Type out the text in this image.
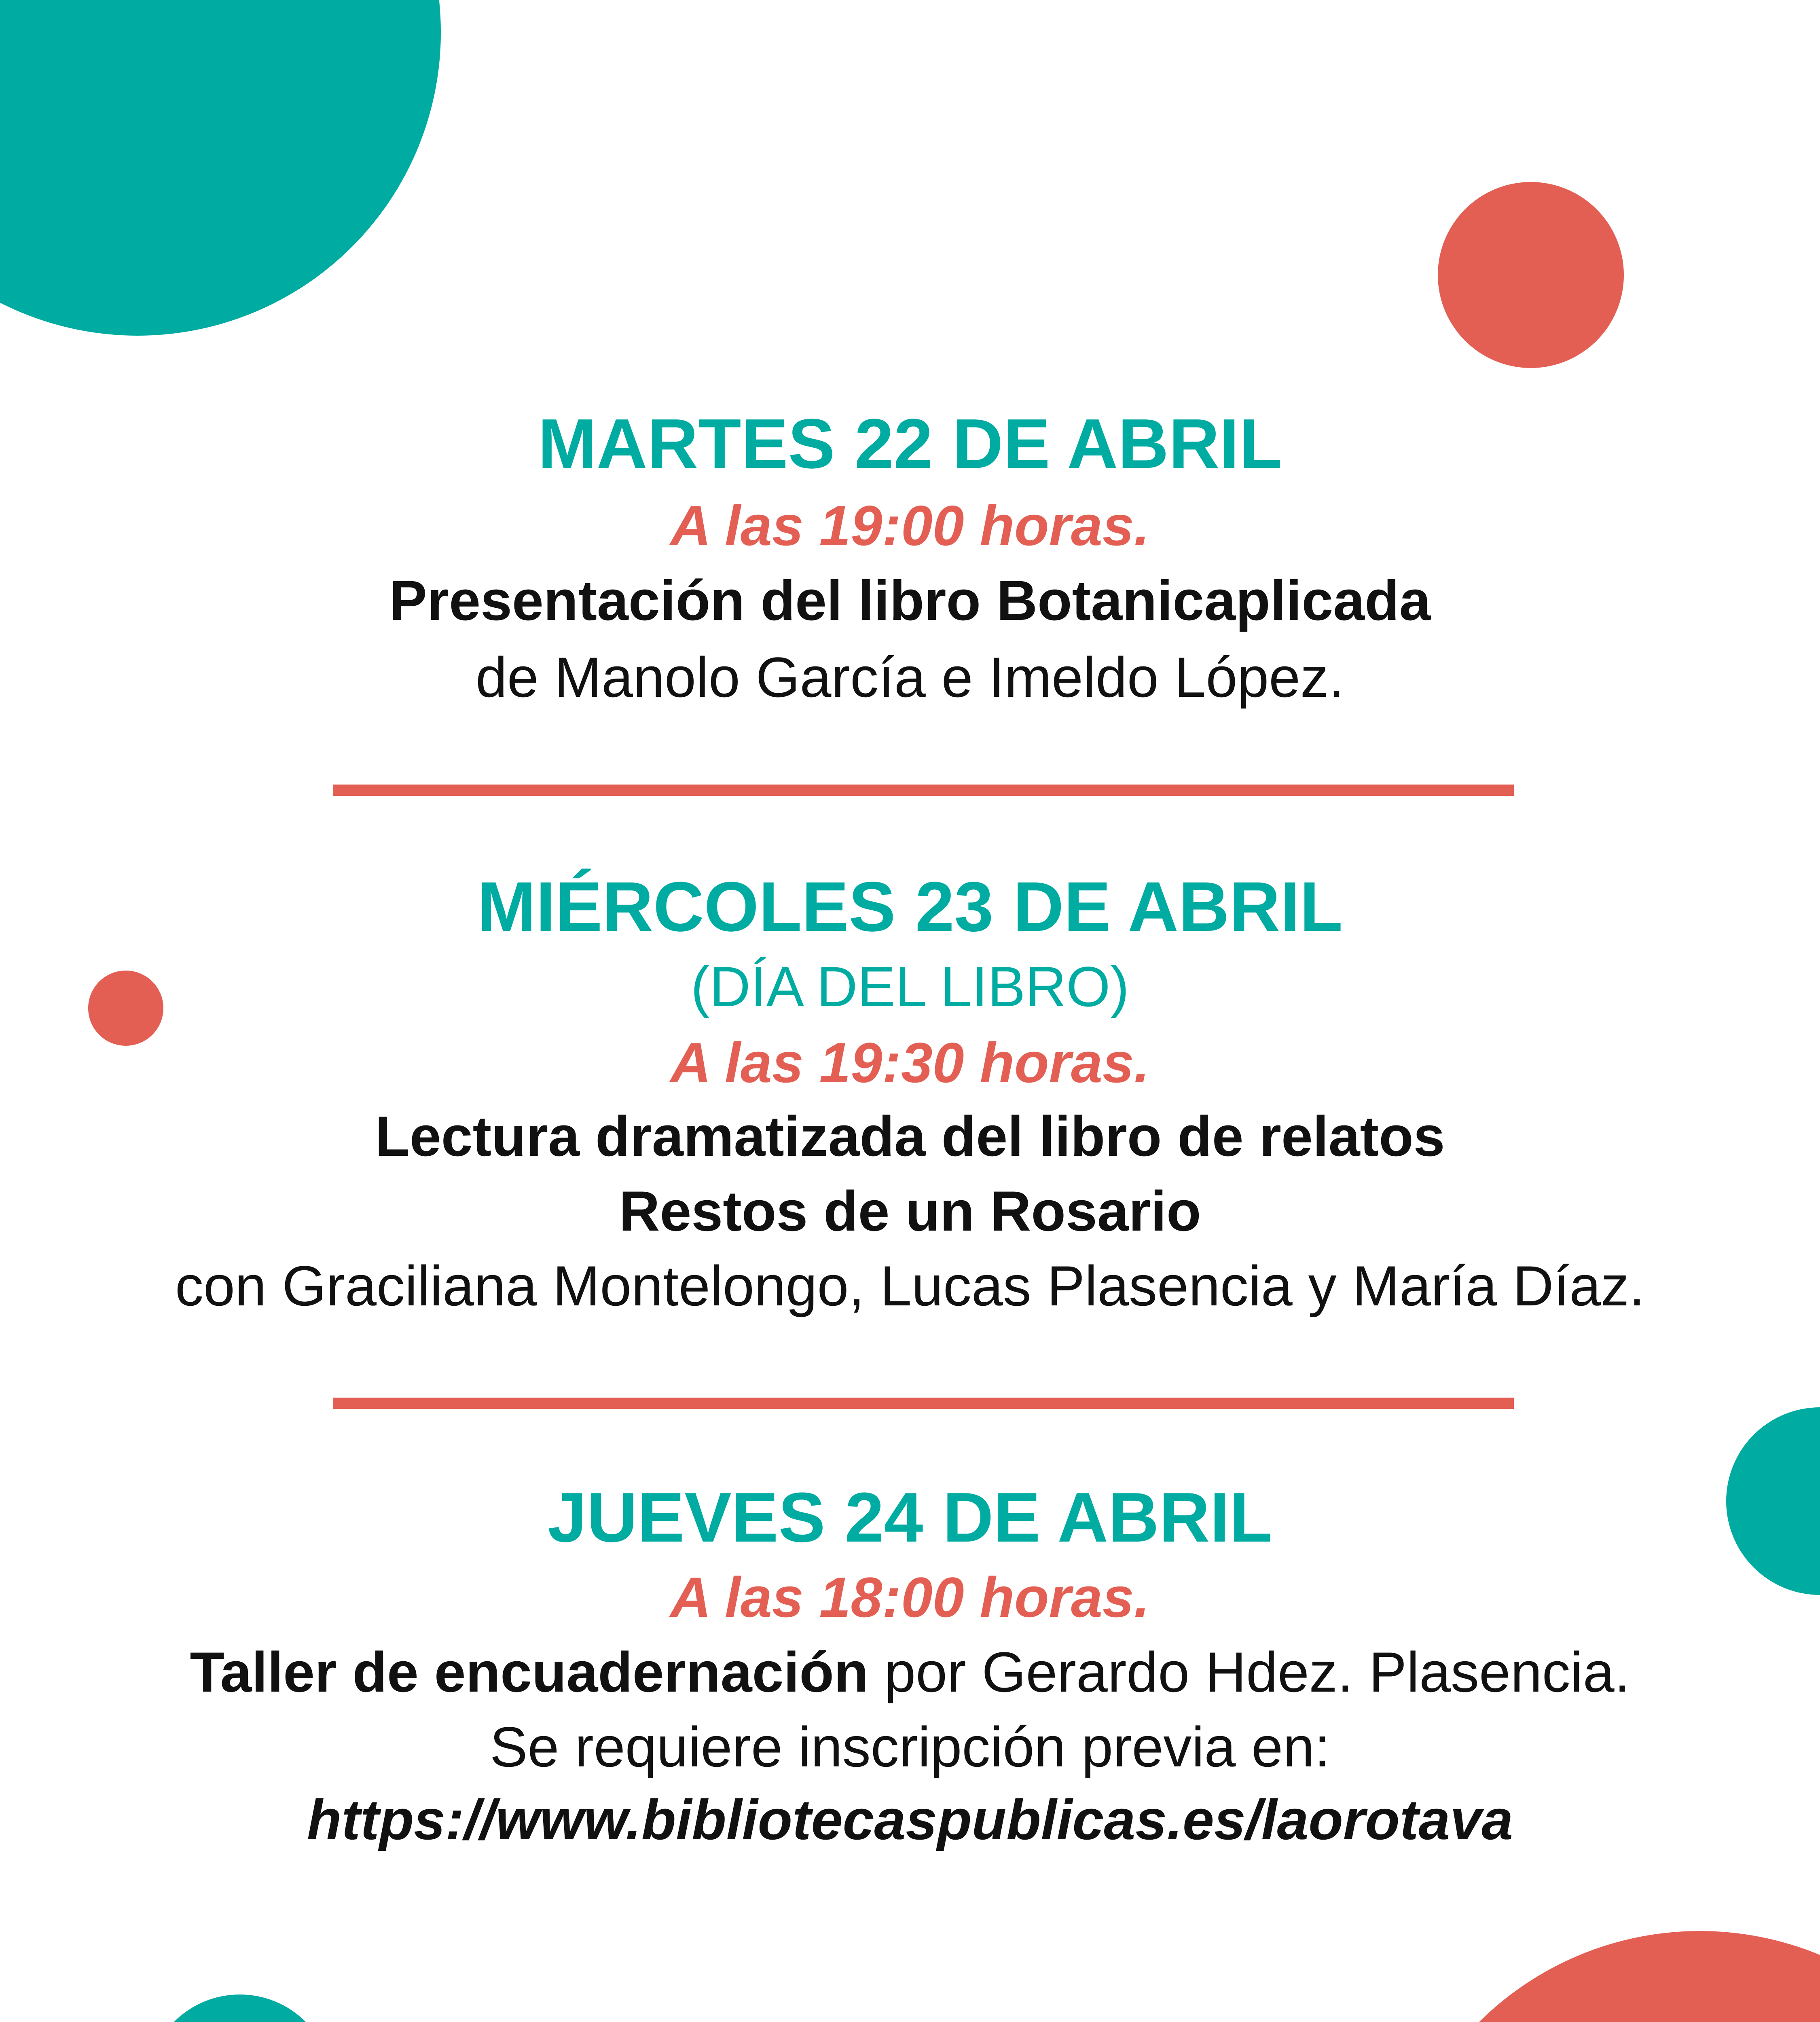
MARTES 22 DE ABRIL
A las 19:00 horas.
Presentación del libro Botanicaplicada
de Manolo García e Imeldo López.
MIÉRCOLES 23 DE ABRIL
(DÍA DEL LIBRO)
A las 19:30 horas.
Lectura dramatizada del libro de relatos
Restos de un Rosario
con Graciliana Montelongo, Lucas Plasencia y María Díaz.
JUEVES 24 DE ABRIL
A las 18:00 horas.
Taller de encuadernación por Gerardo Hdez. Plasencia.
Se requiere inscripción previa en:
https://www.bibliotecaspublicas.es/laorotava
